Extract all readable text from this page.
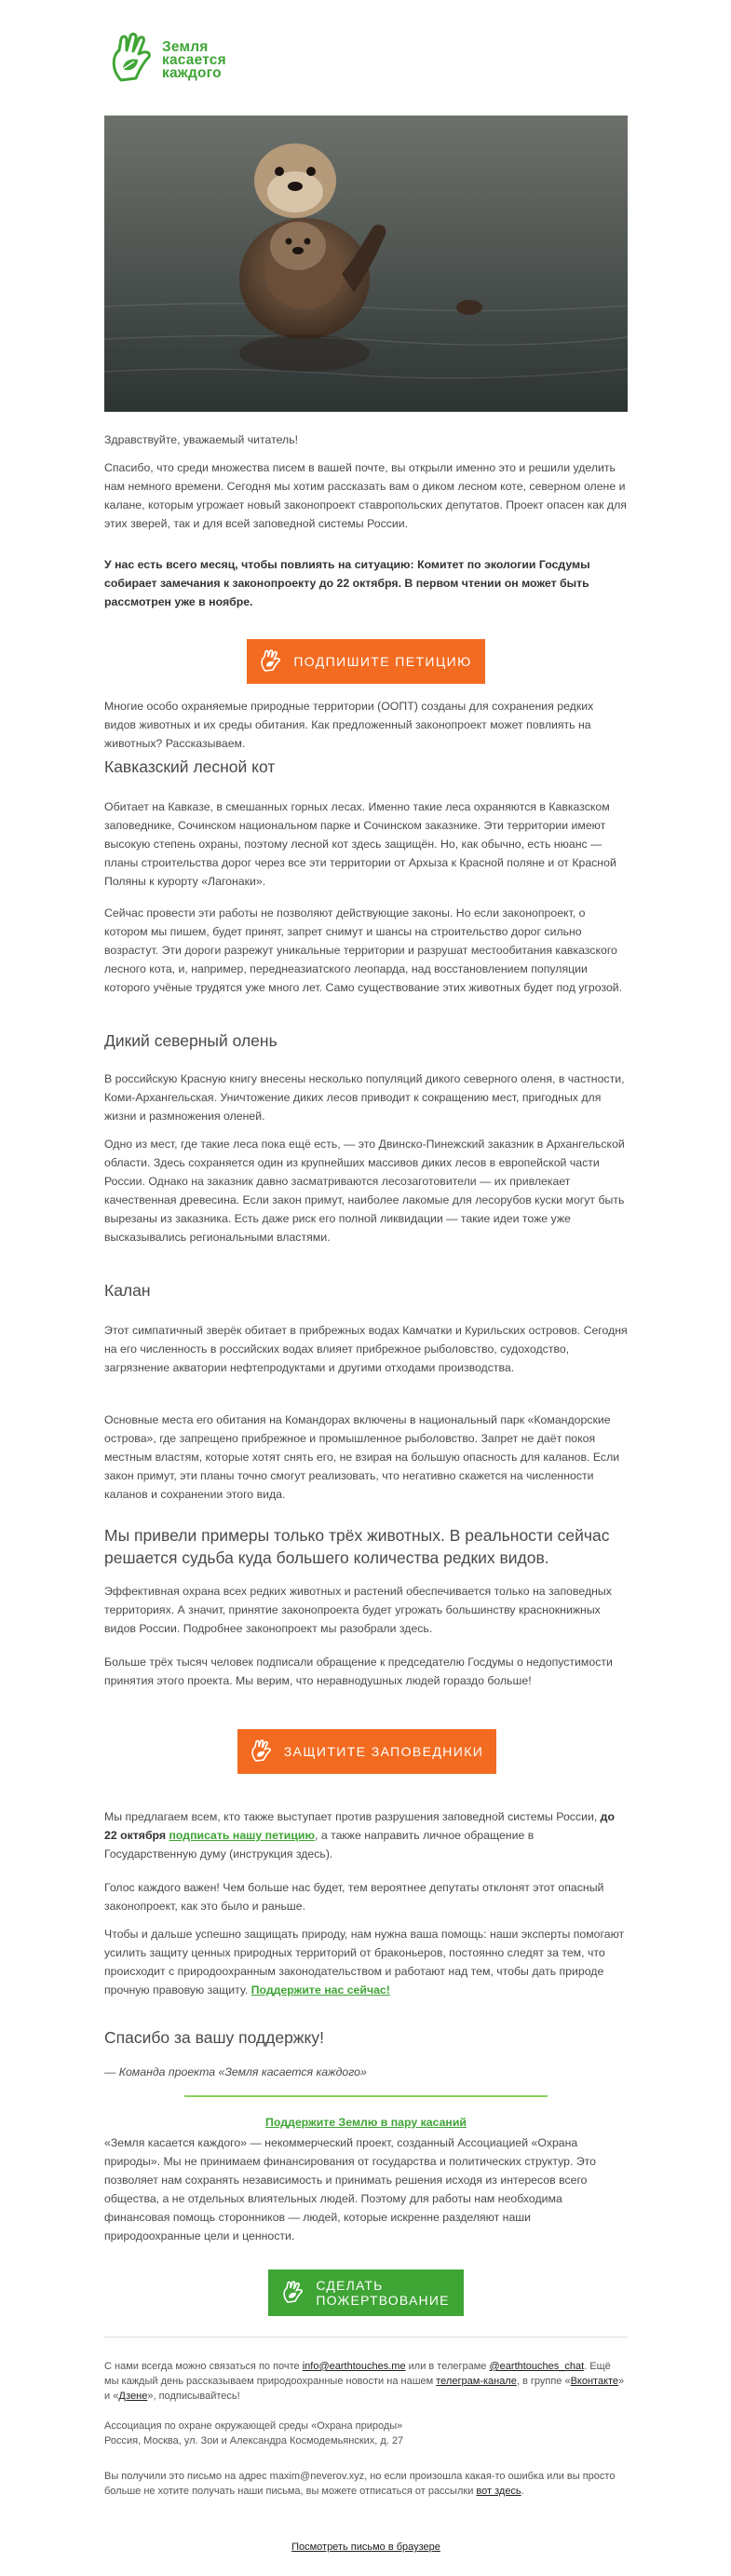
Земля
касается
каждого
Здравствуйте, уважаемый читатель!
Спасибо, что среди множества писем в вашей почте, вы открыли именно это и решили уделить нам немного времени. Сегодня мы хотим рассказать вам о диком лесном коте, северном олене и калане, которым угрожает новый законопроект ставропольских депутатов. Проект опасен как для этих зверей, так и для всей заповедной системы России.
У нас есть всего месяц, чтобы повлиять на ситуацию: Комитет по экологии Госдумы собирает замечания к законопроекту до 22 октября. В первом чтении он может быть рассмотрен уже в ноябре.
ПОДПИШИТЕ ПЕТИЦИЮ
Многие особо охраняемые природные территории (ООПТ) созданы для сохранения редких видов животных и их среды обитания. Как предложенный законопроект может повлиять на животных? Рассказываем.
Кавказский лесной кот
Обитает на Кавказе, в смешанных горных лесах. Именно такие леса охраняются в Кавказском заповеднике, Сочинском национальном парке и Сочинском заказнике. Эти территории имеют высокую степень охраны, поэтому лесной кот здесь защищён. Но, как обычно, есть нюанс — планы строительства дорог через все эти территории от Архыза к Красной поляне и от Красной Поляны к курорту «Лагонаки».
Сейчас провести эти работы не позволяют действующие законы. Но если законопроект, о котором мы пишем, будет принят, запрет снимут и шансы на строительство дорог сильно возрастут. Эти дороги разрежут уникальные территории и разрушат местообитания кавказского лесного кота, и, например, переднеазиатского леопарда, над восстановлением популяции которого учёные трудятся уже много лет. Само существование этих животных будет под угрозой.
Дикий северный олень
В российскую Красную книгу внесены несколько популяций дикого северного оленя, в частности, Коми-Архангельская. Уничтожение диких лесов приводит к сокращению мест, пригодных для жизни и размножения оленей.
Одно из мест, где такие леса пока ещё есть, — это Двинско-Пинежский заказник в Архангельской области. Здесь сохраняется один из крупнейших массивов диких лесов в европейской части России. Однако на заказник давно засматриваются лесозаготовители — их привлекает качественная древесина. Если закон примут, наиболее лакомые для лесорубов куски могут быть вырезаны из заказника. Есть даже риск его полной ликвидации — такие идеи тоже уже высказывались региональными властями.
Калан
Этот симпатичный зверёк обитает в прибрежных водах Камчатки и Курильских островов. Сегодня на его численность в российских водах влияет прибрежное рыболовство, судоходство, загрязнение акватории нефтепродуктами и другими отходами производства.
Основные места его обитания на Командорах включены в национальный парк «Командорские острова», где запрещено прибрежное и промышленное рыболовство. Запрет не даёт покоя местным властям, которые хотят снять его, не взирая на большую опасность для каланов. Если закон примут, эти планы точно смогут реализовать, что негативно скажется на численности каланов и сохранении этого вида.
Мы привели примеры только трёх животных. В реальности сейчас решается судьба куда большего количества редких видов.
Эффективная охрана всех редких животных и растений обеспечивается только на заповедных территориях. А значит, принятие законопроекта будет угрожать большинству краснокнижных видов России. Подробнее законопроект мы разобрали здесь.
Больше трёх тысяч человек подписали обращение к председателю Госдумы о недопустимости принятия этого проекта. Мы верим, что неравнодушных людей гораздо больше!
ЗАЩИТИТЕ ЗАПОВЕДНИКИ
Мы предлагаем всем, кто также выступает против разрушения заповедной системы России, до 22 октября подписать нашу петицию, а также направить личное обращение в Государственную думу (инструкция здесь).
Голос каждого важен! Чем больше нас будет, тем вероятнее депутаты отклонят этот опасный законопроект, как это было и раньше.
Чтобы и дальше успешно защищать природу, нам нужна ваша помощь: наши эксперты помогают усилить защиту ценных природных территорий от браконьеров, постоянно следят за тем, что происходит с природоохранным законодательством и работают над тем, чтобы дать природе прочную правовую защиту. Поддержите нас сейчас!
Спасибо за вашу поддержку!
— Команда проекта «Земля касается каждого»
Поддержите Землю в пару касаний
«Земля касается каждого» — некоммерческий проект, созданный Ассоциацией «Охрана природы». Мы не принимаем финансирования от государства и политических структур. Это позволяет нам сохранять независимость и принимать решения исходя из интересов всего общества, а не отдельных влиятельных людей. Поэтому для работы нам необходима финансовая помощь сторонников — людей, которые искренне разделяют наши природоохранные цели и ценности.
СДЕЛАТЬ
ПОЖЕРТВОВАНИЕ
С нами всегда можно связаться по почте info@earthtouches.me или в телеграме @earthtouches_chat. Ещё мы каждый день рассказываем природоохранные новости на нашем телеграм-канале, в группе «Вконтакте» и «Дзене», подписывайтесь!
Ассоциация по охране окружающей среды «Охрана природы»
Россия, Москва, ул. Зои и Александра Космодемьянских, д. 27
Вы получили это письмо на адрес maxim@neverov.xyz, но если произошла какая-то ошибка или вы просто больше не хотите получать наши письма, вы можете отписаться от рассылки вот здесь.
Посмотреть письмо в браузере
